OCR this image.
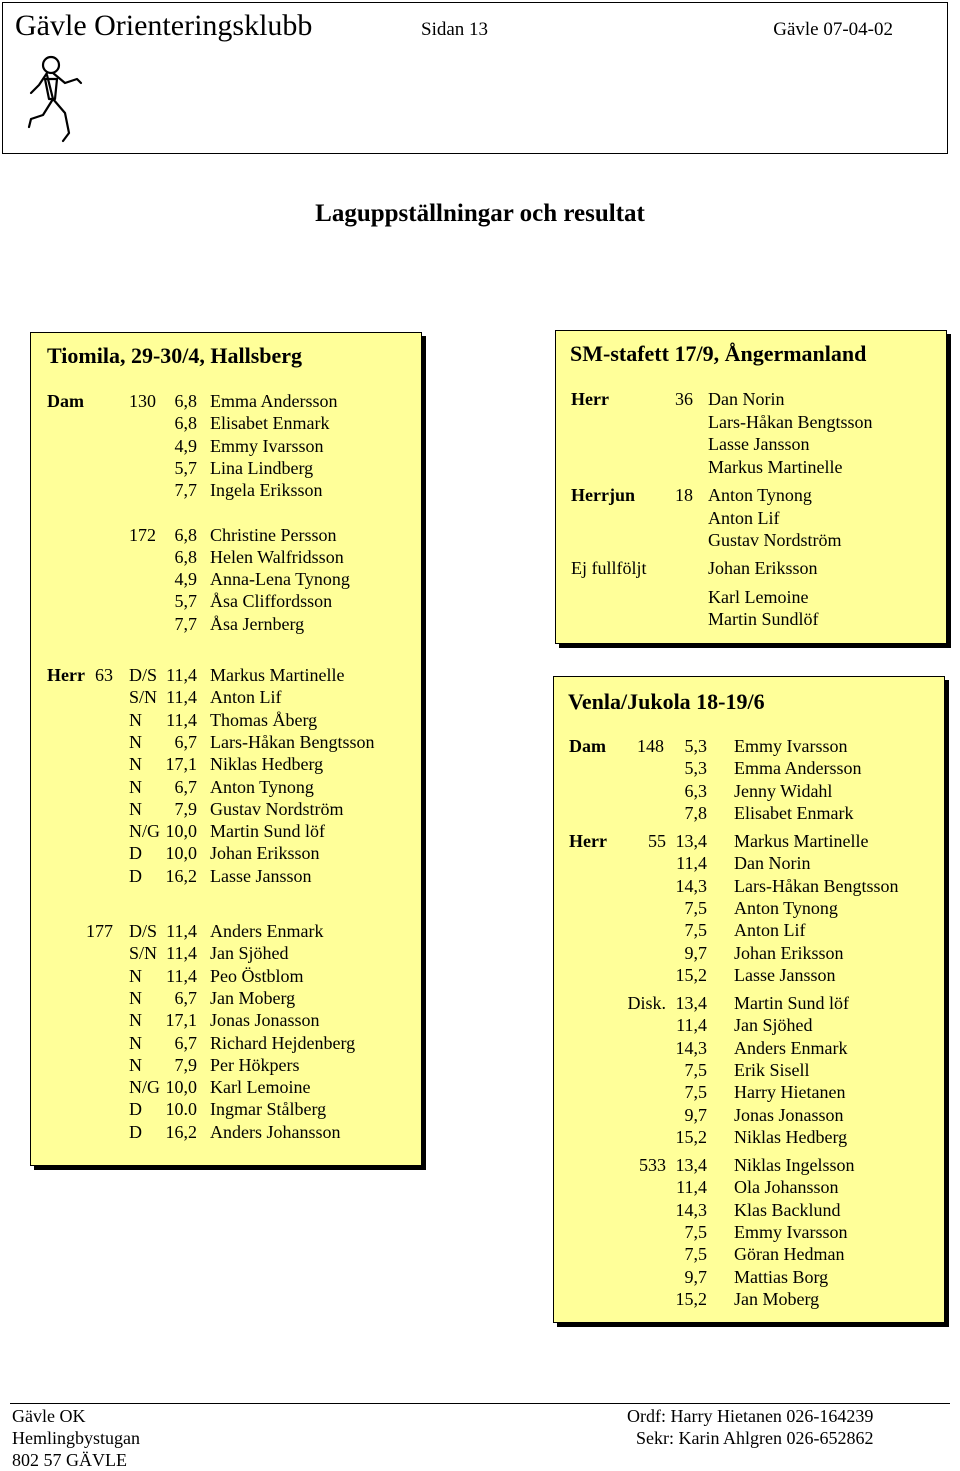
Gävle Orienteringsklubb	Sidan 13	Gävle 07-04-02
Laguppställningar och resultat
Tiomila, 29-30/4, Hallsberg
Dam	130	6,8 Emma Andersson
6,8 Elisabet Enmark
4,9 Emmy Ivarsson
5,7 Lina Lindberg
7,7 Ingela Eriksson
172	6,8 Christine Persson
6,8 Helen Walfridsson
4,9 Anna-Lena Tynong
5,7 Åsa Cliffordsson
7,7 Åsa Jernberg
Herr 63 D/S 11,4 Markus Martinelle
S/N 11,4 Anton Lif
N	11,4 Thomas Åberg
N	6,7 Lars-Håkan Bengtsson
N	17,1 Niklas Hedberg
N	6,7 Anton Tynong
N	7,9 Gustav Nordström
N/G 10,0 Martin Sund löf
D	10,0 Johan Eriksson
D	16,2 Lasse Jansson
177 D/S 11,4 Anders Enmark
S/N 11,4 Jan Sjöhed
N	11,4 Peo Östblom
N	6,7 Jan Moberg
N	17,1 Jonas Jonasson
N	6,7 Richard Hejdenberg
N	7,9 Per Hökpers
N/G 10,0 Karl Lemoine
D	10.0 Ingmar Stålberg
D	16,2 Anders Johansson
SM-stafett 17/9, Ångermanland
Herr	36 Dan Norin
Lars-Håkan Bengtsson
Lasse Jansson
Markus Martinelle
Herrjun 18 Anton Tynong
Anton Lif
Gustav Nordström
Ej fullföljt	Johan Eriksson
Karl Lemoine
Martin Sundlöf
Venla/Jukola 18-19/6
Dam	148	5,3 Emmy Ivarsson
5,3 Emma Andersson
6,3 Jenny Widahl
7,8 Elisabet Enmark
Herr	55 13,4 Markus Martinelle
11,4 Dan Norin
14,3 Lars-Håkan Bengtsson
7,5 Anton Tynong
7,5 Anton Lif
9,7 Johan Eriksson
15,2 Lasse Jansson
Disk. 13,4 Martin Sund löf
11,4 Jan Sjöhed
14,3 Anders Enmark
7,5 Erik Sisell
7,5 Harry Hietanen
9,7 Jonas Jonasson
15,2 Niklas Hedberg
533 13,4 Niklas Ingelsson
11,4 Ola Johansson
14,3 Klas Backlund
7,5 Emmy Ivarsson
7,5 Göran Hedman
9,7 Mattias Borg
15,2 Jan Moberg
Gävle OK
Hemlingbystugan
802 57 GÄVLE
Ordf: Harry Hietanen 026-164239
Sekr: Karin Ahlgren 026-652862
